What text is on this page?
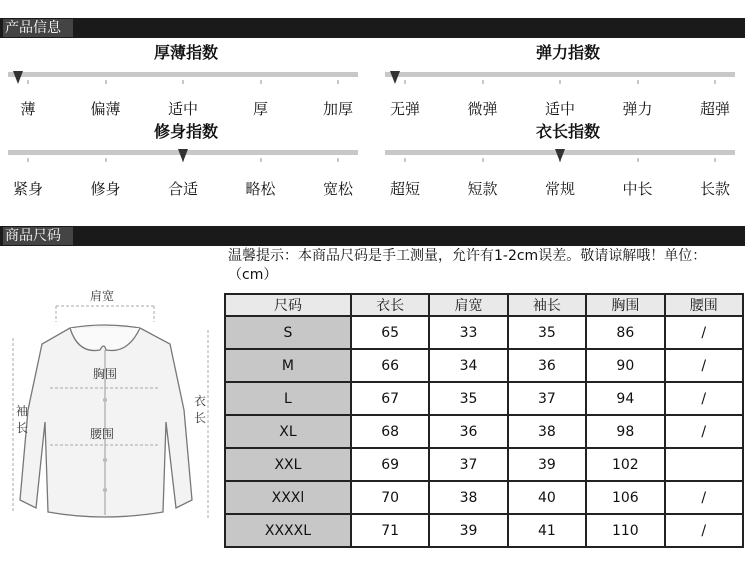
产品信息
厚薄指数	弹力指数
修身指数	衣长指数
薄	偏薄	适中	厚	加厚	无弹	微弹	适中	弹力	超弹
紧身	修身	合适	略松	宽松	超短	短款	常规	中长	长款
商品尺码
肩宽
胸围
腰围
袖
长
衣
长
温馨提示：本商品尺码是手工测量，允许有1-2cm误差。敬请谅解哦！单位：（cm）
尺码	衣长	肩宽	袖长	胸围	腰围
S	65	33	35	86	/
M	66	34	36	90	/
L	67	35	37	94	/
XL	68	36	38	98	/
XXL	69	37	39	102	
XXXl	70	38	40	106	/
XXXXL	71	39	41	110	/
